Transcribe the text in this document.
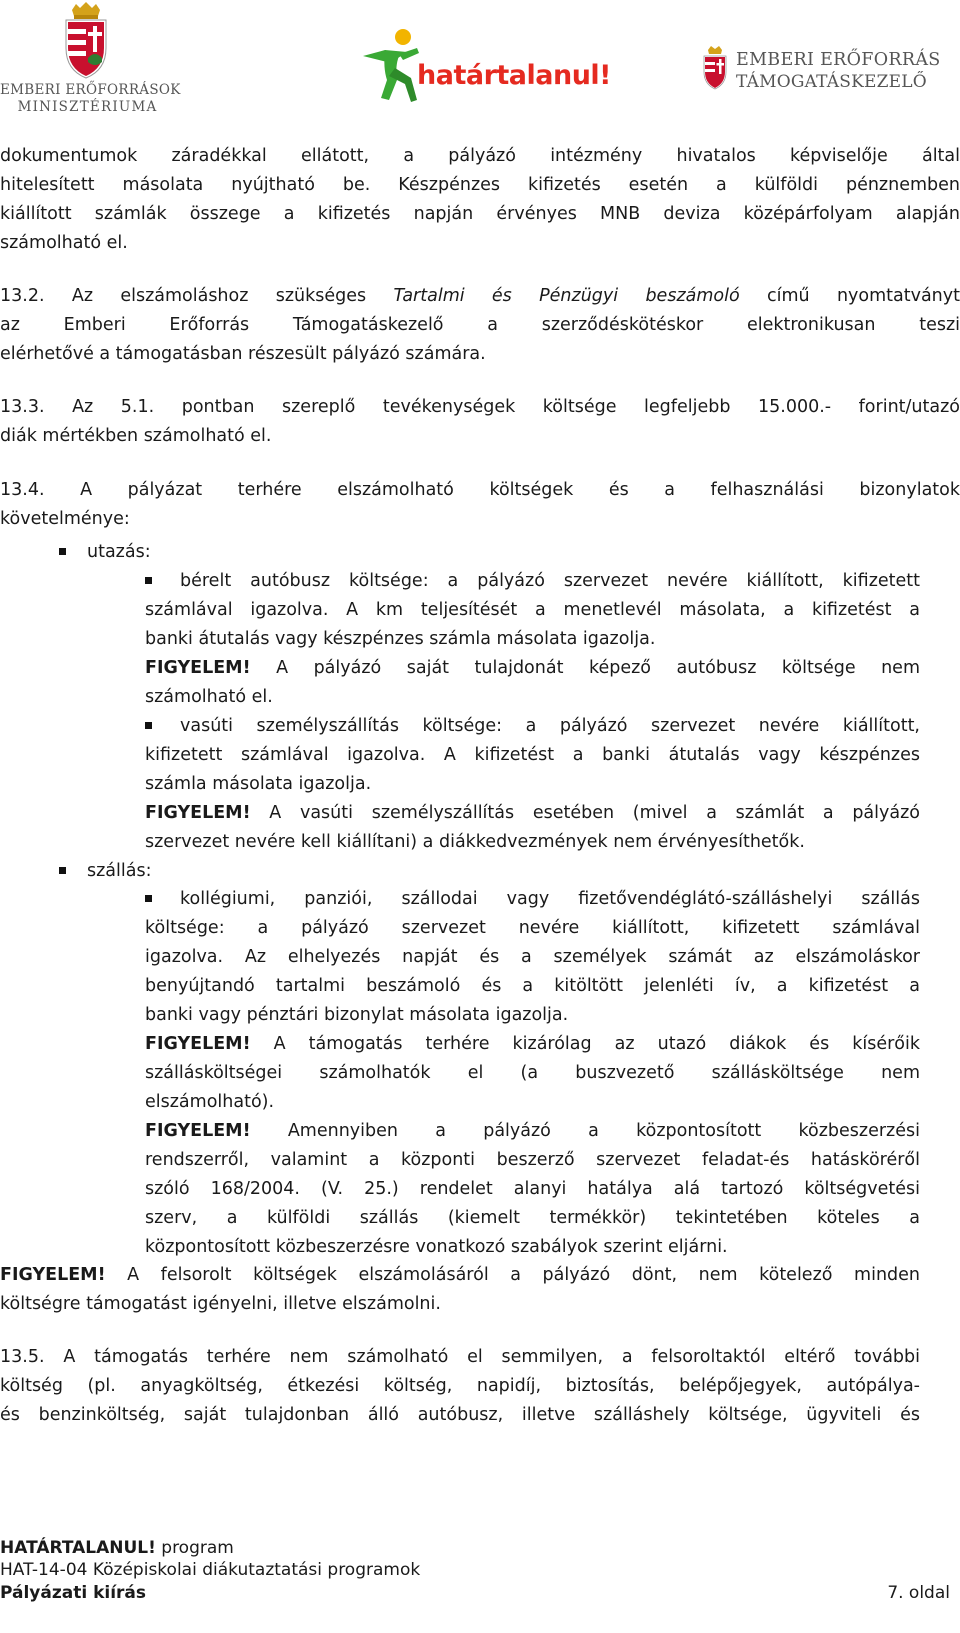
EMBERI ERŐFORRÁSOK
MINISZTÉRIUMA
határtalanul!	EMBERI ERŐFORRÁS
TÁMOGATÁSKEZELŐ
dokumentumok záradékkal ellátott, a pályázó intézmény hivatalos képviselője által
hitelesített másolata nyújtható be. Készpénzes kifizetés esetén a külföldi pénznemben
kiállított számlák összege a kifizetés napján érvényes MNB deviza középárfolyam alapján
számolható el.
13.2. Az elszámoláshoz szükséges Tartalmi és Pénzügyi beszámoló című nyomtatványt
az Emberi Erőforrás Támogatáskezelő a szerződéskötéskor elektronikusan teszi
elérhetővé a támogatásban részesült pályázó számára.
13.3. Az 5.1. pontban szereplő tevékenységek költsége legfeljebb 15.000.- forint/utazó
diák mértékben számolható el.
13.4. A pályázat terhére elszámolható költségek és a felhasználási bizonylatok
követelménye:
utazás:
bérelt autóbusz költsége: a pályázó szervezet nevére kiállított, kifizetett
számlával igazolva. A km teljesítését a menetlevél másolata, a kifizetést a
banki átutalás vagy készpénzes számla másolata igazolja.
FIGYELEM! A pályázó saját tulajdonát képező autóbusz költsége nem
számolható el.
vasúti személyszállítás költsége: a pályázó szervezet nevére kiállított,
kifizetett számlával igazolva. A kifizetést a banki átutalás vagy készpénzes
számla másolata igazolja.
FIGYELEM! A vasúti személyszállítás esetében (mivel a számlát a pályázó
szervezet nevére kell kiállítani) a diákkedvezmények nem érvényesíthetők.
szállás:
kollégiumi, panziói, szállodai vagy fizetővendéglátó-szálláshelyi szállás
költsége: a pályázó szervezet nevére kiállított, kifizetett számlával
igazolva. Az elhelyezés napját és a személyek számát az elszámoláskor
benyújtandó tartalmi beszámoló és a kitöltött jelenléti ív, a kifizetést a
banki vagy pénztári bizonylat másolata igazolja.
FIGYELEM! A támogatás terhére kizárólag az utazó diákok és kísérőik
szállásköltségei számolhatók el (a buszvezető szállásköltsége nem
elszámolható).
FIGYELEM! Amennyiben a pályázó a központosított közbeszerzési
rendszerről, valamint a központi beszerző szervezet feladat-és hatásköréről
szóló 168/2004. (V. 25.) rendelet alanyi hatálya alá tartozó költségvetési
szerv, a külföldi szállás (kiemelt termékkör) tekintetében köteles a
központosított közbeszerzésre vonatkozó szabályok szerint eljárni.
FIGYELEM! A felsorolt költségek elszámolásáról a pályázó dönt, nem kötelező minden
költségre támogatást igényelni, illetve elszámolni.
13.5. A támogatás terhére nem számolható el semmilyen, a felsoroltaktól eltérő további
költség (pl. anyagköltség, étkezési költség, napidíj, biztosítás, belépőjegyek, autópálya-
és benzinköltség, saját tulajdonban álló autóbusz, illetve szálláshely költsége, ügyviteli és
HATÁRTALANUL! program
HAT-14-04 Középiskolai diákutaztatási programok
Pályázati kiírás	7. oldal
